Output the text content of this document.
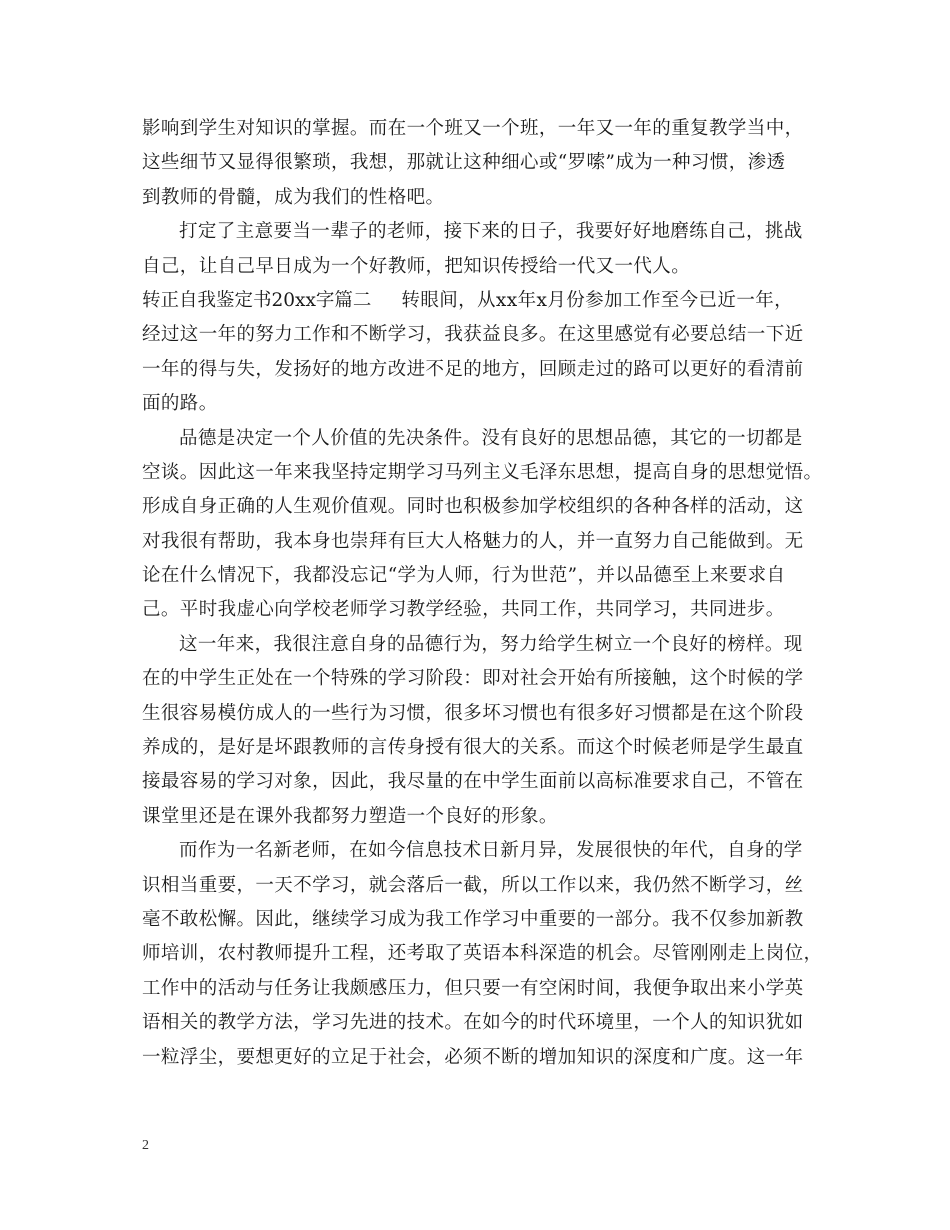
影响到学生对知识的掌握。而在一个班又一个班，一年又一年的重复教学当中，
这些细节又显得很繁琐，我想，那就让这种细心或“罗嗦”成为一种习惯，渗透
到教师的骨髓，成为我们的性格吧。
打定了主意要当一辈子的老师，接下来的日子，我要好好地磨练自己，挑战
自己，让自己早日成为一个好教师，把知识传授给一代又一代人。
转正自我鉴定书20xx字篇二 转眼间，从xx年x月份参加工作至今已近一年，
经过这一年的努力工作和不断学习，我获益良多。在这里感觉有必要总结一下近
一年的得与失，发扬好的地方改进不足的地方，回顾走过的路可以更好的看清前
面的路。
品德是决定一个人价值的先决条件。没有良好的思想品德，其它的一切都是
空谈。因此这一年来我坚持定期学习马列主义毛泽东思想，提高自身的思想觉悟。
形成自身正确的人生观价值观。同时也积极参加学校组织的各种各样的活动，这
对我很有帮助，我本身也崇拜有巨大人格魅力的人，并一直努力自己能做到。无
论在什么情况下，我都没忘记“学为人师，行为世范”，并以品德至上来要求自
己。平时我虚心向学校老师学习教学经验，共同工作，共同学习，共同进步。
这一年来，我很注意自身的品德行为，努力给学生树立一个良好的榜样。现
在的中学生正处在一个特殊的学习阶段：即对社会开始有所接触，这个时候的学
生很容易模仿成人的一些行为习惯，很多坏习惯也有很多好习惯都是在这个阶段
养成的，是好是坏跟教师的言传身授有很大的关系。而这个时候老师是学生最直
接最容易的学习对象，因此，我尽量的在中学生面前以高标准要求自己，不管在
课堂里还是在课外我都努力塑造一个良好的形象。
而作为一名新老师，在如今信息技术日新月异，发展很快的年代，自身的学
识相当重要，一天不学习，就会落后一截，所以工作以来，我仍然不断学习，丝
毫不敢松懈。因此，继续学习成为我工作学习中重要的一部分。我不仅参加新教
师培训，农村教师提升工程，还考取了英语本科深造的机会。尽管刚刚走上岗位，
工作中的活动与任务让我颇感压力，但只要一有空闲时间，我便争取出来小学英
语相关的教学方法，学习先进的技术。在如今的时代环境里，一个人的知识犹如
一粒浮尘，要想更好的立足于社会，必须不断的增加知识的深度和广度。这一年
2
